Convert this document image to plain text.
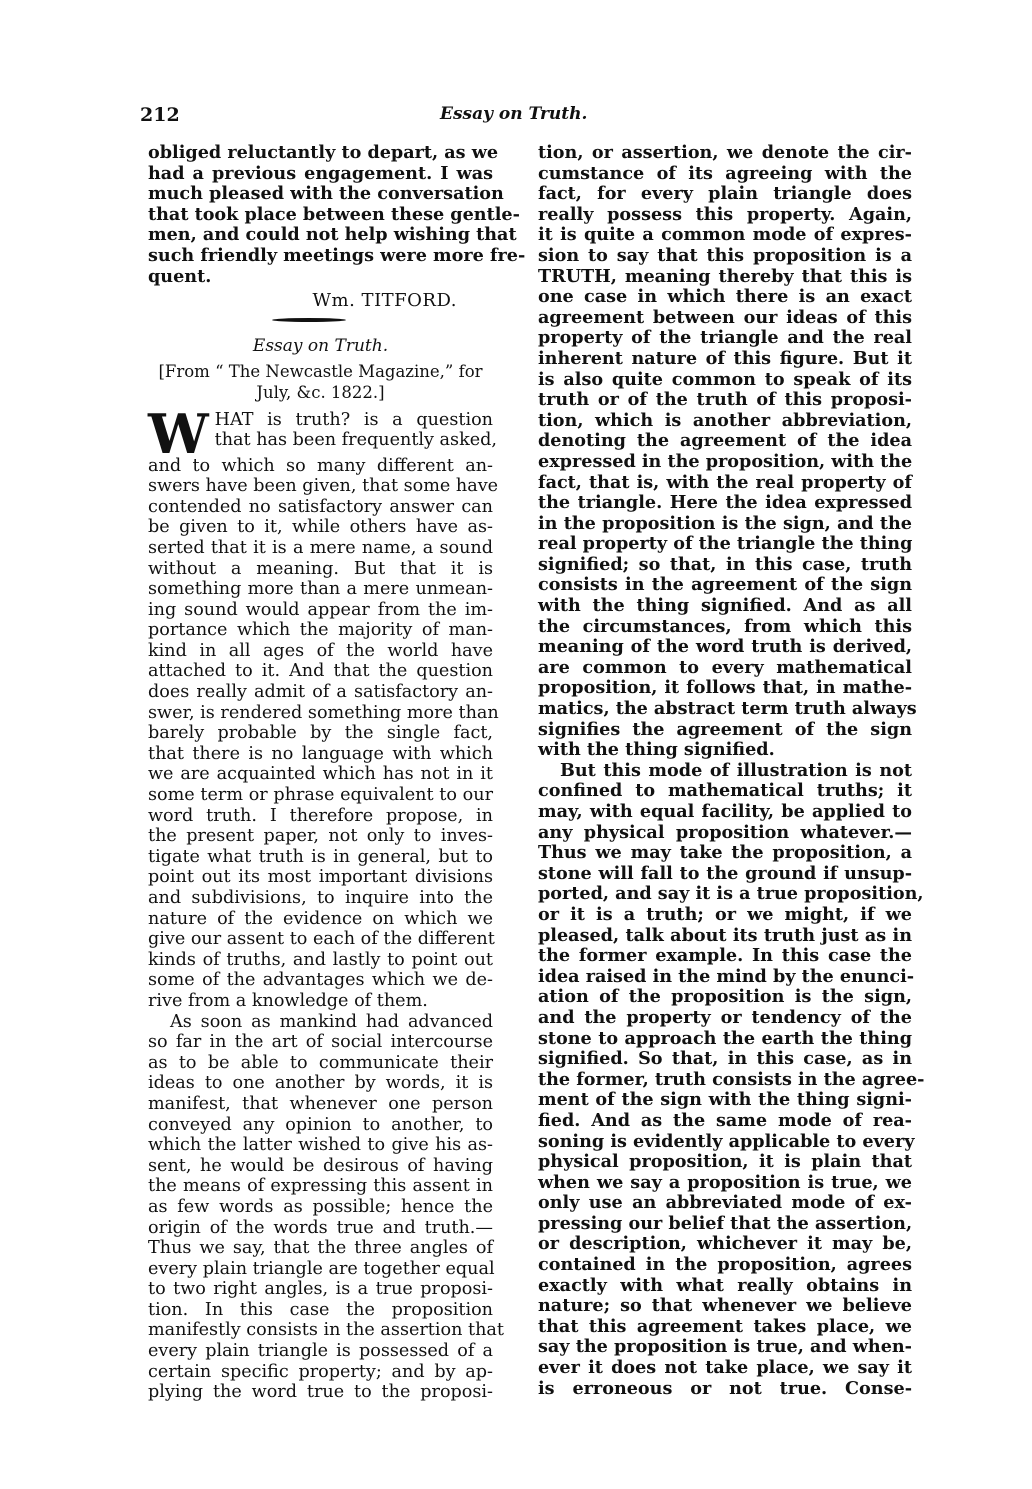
212	Essay on Truth.
obliged reluctantly to depart, as we
had a previous engagement. I was
much pleased with the conversation
that took place between these gentle-
men, and could not help wishing that
such friendly meetings were more fre-
quent.
Wm. TITFORD.
Essay on Truth.
[From “ The Newcastle Magazine,” for
July, &c. 1822.]
W HAT is truth? is a question
that has been frequently asked,
and to which so many different an-
swers have been given, that some have
contended no satisfactory answer can
be given to it, while others have as-
serted that it is a mere name, a sound
without a meaning. But that it is
something more than a mere unmean-
ing sound would appear from the im-
portance which the majority of man-
kind in all ages of the world have
attached to it. And that the question
does really admit of a satisfactory an-
swer, is rendered something more than
barely probable by the single fact,
that there is no language with which
we are acquainted which has not in it
some term or phrase equivalent to our
word truth. I therefore propose, in
the present paper, not only to inves-
tigate what truth is in general, but to
point out its most important divisions
and subdivisions, to inquire into the
nature of the evidence on which we
give our assent to each of the different
kinds of truths, and lastly to point out
some of the advantages which we de-
rive from a knowledge of them.
As soon as mankind had advanced
so far in the art of social intercourse
as to be able to communicate their
ideas to one another by words, it is
manifest, that whenever one person
conveyed any opinion to another, to
which the latter wished to give his as-
sent, he would be desirous of having
the means of expressing this assent in
as few words as possible; hence the
origin of the words true and truth.—
Thus we say, that the three angles of
every plain triangle are together equal
to two right angles, is a true proposi-
tion. In this case the proposition
manifestly consists in the assertion that
every plain triangle is possessed of a
certain specific property; and by ap-
plying the word true to the proposi-
tion, or assertion, we denote the cir-
cumstance of its agreeing with the
fact, for every plain triangle does
really possess this property. Again,
it is quite a common mode of expres-
sion to say that this proposition is a
TRUTH, meaning thereby that this is
one case in which there is an exact
agreement between our ideas of this
property of the triangle and the real
inherent nature of this figure. But it
is also quite common to speak of its
truth or of the truth of this proposi-
tion, which is another abbreviation,
denoting the agreement of the idea
expressed in the proposition, with the
fact, that is, with the real property of
the triangle. Here the idea expressed
in the proposition is the sign, and the
real property of the triangle the thing
signified; so that, in this case, truth
consists in the agreement of the sign
with the thing signified. And as all
the circumstances, from which this
meaning of the word truth is derived,
are common to every mathematical
proposition, it follows that, in mathe-
matics, the abstract term truth always
signifies the agreement of the sign
with the thing signified.
But this mode of illustration is not
confined to mathematical truths; it
may, with equal facility, be applied to
any physical proposition whatever.—
Thus we may take the proposition, a
stone will fall to the ground if unsup-
ported, and say it is a true proposition,
or it is a truth; or we might, if we
pleased, talk about its truth just as in
the former example. In this case the
idea raised in the mind by the enunci-
ation of the proposition is the sign,
and the property or tendency of the
stone to approach the earth the thing
signified. So that, in this case, as in
the former, truth consists in the agree-
ment of the sign with the thing signi-
fied. And as the same mode of rea-
soning is evidently applicable to every
physical proposition, it is plain that
when we say a proposition is true, we
only use an abbreviated mode of ex-
pressing our belief that the assertion,
or description, whichever it may be,
contained in the proposition, agrees
exactly with what really obtains in
nature; so that whenever we believe
that this agreement takes place, we
say the proposition is true, and when-
ever it does not take place, we say it
is erroneous or not true. Conse-
